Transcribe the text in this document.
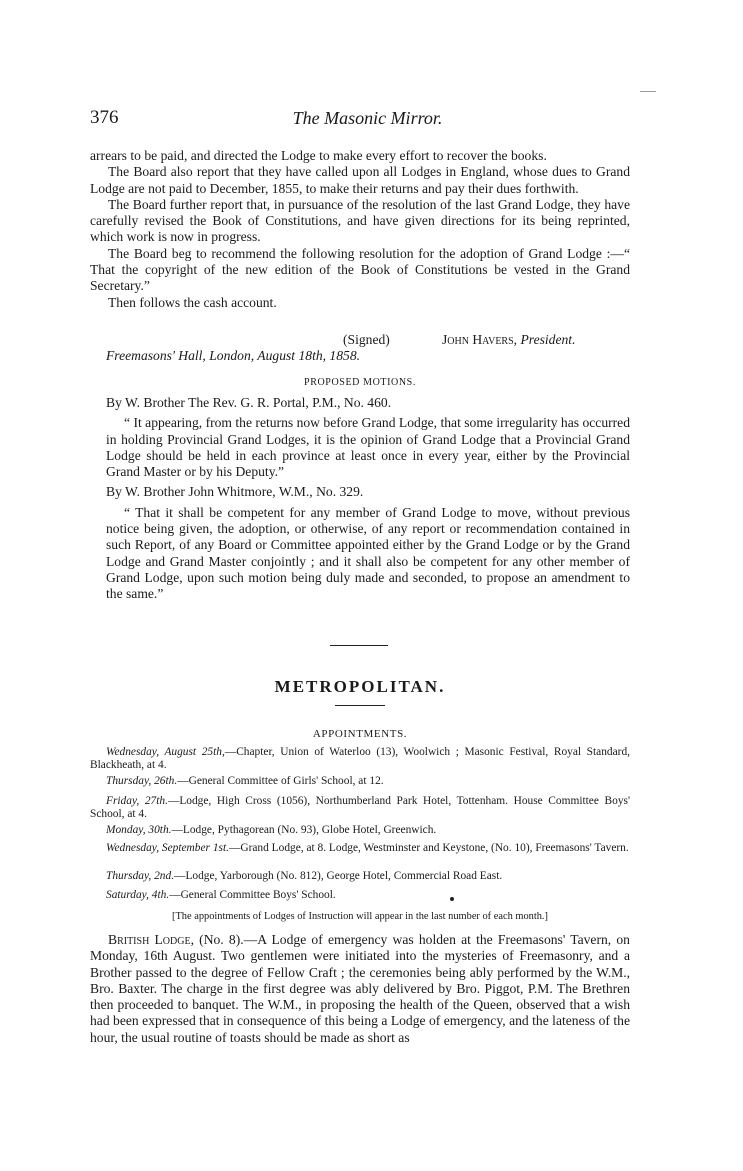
376	The Masonic Mirror.

arrears to be paid, and directed the Lodge to make every effort to recover the books.

The Board also report that they have called upon all Lodges in England, whose dues to Grand Lodge are not paid to December, 1855, to make their returns and pay their dues forthwith.

The Board further report that, in pursuance of the resolution of the last Grand Lodge, they have carefully revised the Book of Constitutions, and have given directions for its being reprinted, which work is now in progress.

The Board beg to recommend the following resolution for the adoption of Grand Lodge :—“ That the copyright of the new edition of the Book of Constitutions be vested in the Grand Secretary.”

Then follows the cash account.

(Signed)	John Havers, President.
Freemasons' Hall, London, August 18th, 1858.
PROPOSED MOTIONS.

By W. Brother The Rev. G. R. Portal, P.M., No. 460.

“ It appearing, from the returns now before Grand Lodge, that some irregularity has occurred in holding Provincial Grand Lodges, it is the opinion of Grand Lodge that a Provincial Grand Lodge should be held in each province at least once in every year, either by the Provincial Grand Master or by his Deputy.”

By W. Brother John Whitmore, W.M., No. 329.

“ That it shall be competent for any member of Grand Lodge to move, without previous notice being given, the adoption, or otherwise, of any report or recommendation contained in such Report, of any Board or Committee appointed either by the Grand Lodge or by the Grand Lodge and Grand Master conjointly ; and it shall also be competent for any other member of Grand Lodge, upon such motion being duly made and seconded, to propose an amendment to the same.”

METROPOLITAN.
APPOINTMENTS.
Wednesday, August 25th,—Chapter, Union of Waterloo (13), Woolwich ; Masonic Festival, Royal Standard, Blackheath, at 4.
Thursday, 26th.—General Committee of Girls' School, at 12.
Friday, 27th.—Lodge, High Cross (1056), Northumberland Park Hotel, Tottenham. House Committee Boys' School, at 4.
Monday, 30th.—Lodge, Pythagorean (No. 93), Globe Hotel, Greenwich.
Wednesday, September 1st.—Grand Lodge, at 8. Lodge, Westminster and Keystone, (No. 10), Freemasons' Tavern.
Thursday, 2nd.—Lodge, Yarborough (No. 812), George Hotel, Commercial Road East.
Saturday, 4th.—General Committee Boys' School.
[The appointments of Lodges of Instruction will appear in the last number of each month.]

British Lodge, (No. 8).—A Lodge of emergency was holden at the Freemasons' Tavern, on Monday, 16th August. Two gentlemen were initiated into the mysteries of Freemasonry, and a Brother passed to the degree of Fellow Craft ; the ceremonies being ably performed by the W.M., Bro. Baxter. The charge in the first degree was ably delivered by Bro. Piggot, P.M. The Brethren then proceeded to banquet. The W.M., in proposing the health of the Queen, observed that a wish had been expressed that in consequence of this being a Lodge of emergency, and the lateness of the hour, the usual routine of toasts should be made as short as
